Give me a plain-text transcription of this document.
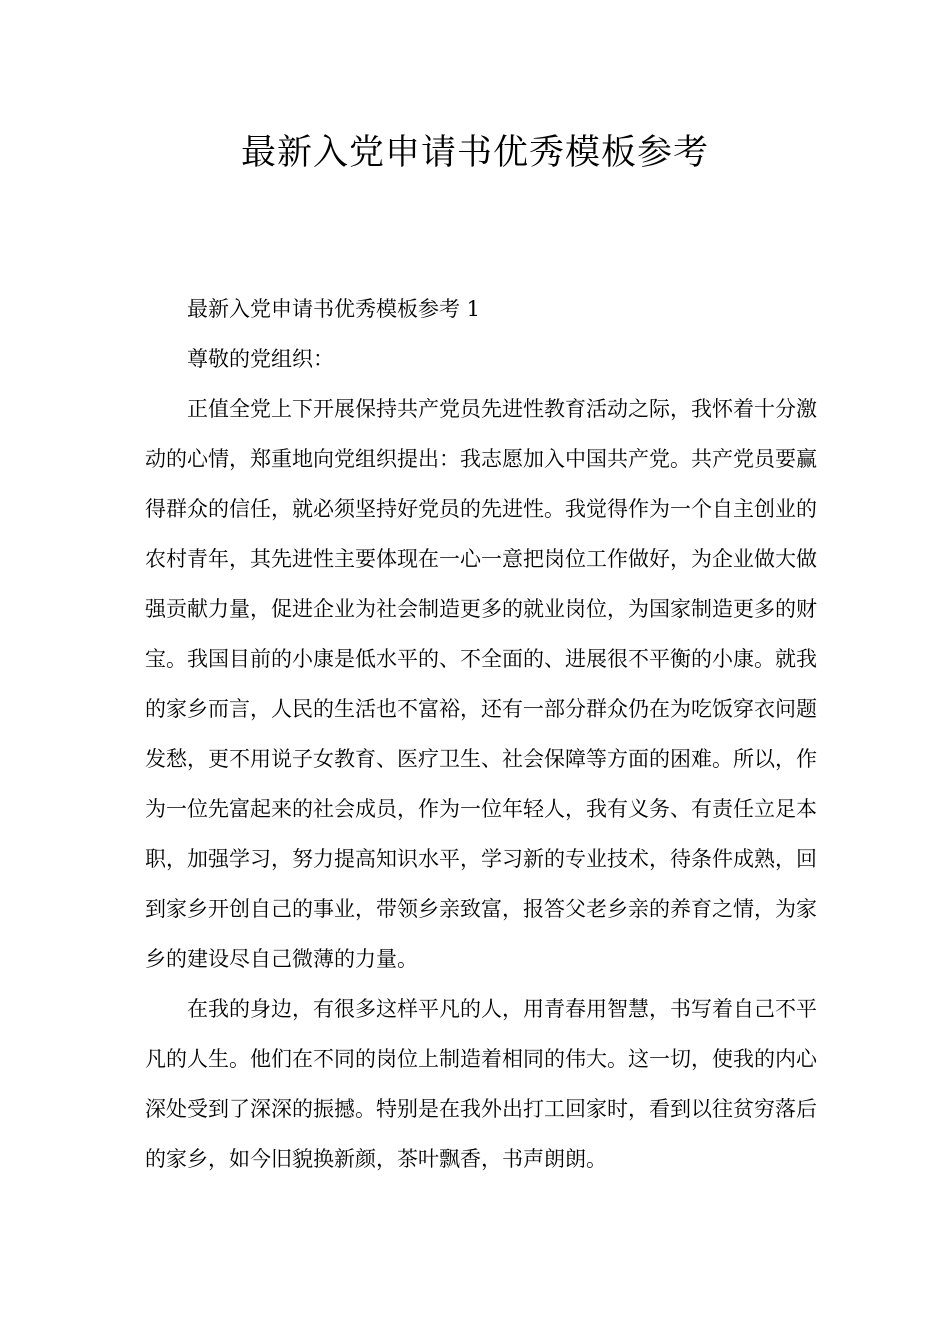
最新入党申请书优秀模板参考

最新入党申请书优秀模板参考 1

尊敬的党组织：

正值全党上下开展保持共产党员先进性教育活动之际，我怀着十分激动的心情，郑重地向党组织提出：我志愿加入中国共产党。共产党员要赢得群众的信任，就必须坚持好党员的先进性。我觉得作为一个自主创业的农村青年，其先进性主要体现在一心一意把岗位工作做好，为企业做大做强贡献力量，促进企业为社会制造更多的就业岗位，为国家制造更多的财宝。我国目前的小康是低水平的、不全面的、进展很不平衡的小康。就我的家乡而言，人民的生活也不富裕，还有一部分群众仍在为吃饭穿衣问题发愁，更不用说子女教育、医疗卫生、社会保障等方面的困难。所以，作为一位先富起来的社会成员，作为一位年轻人，我有义务、有责任立足本职，加强学习，努力提高知识水平，学习新的专业技术，待条件成熟，回到家乡开创自己的事业，带领乡亲致富，报答父老乡亲的养育之情，为家乡的建设尽自己微薄的力量。

在我的身边，有很多这样平凡的人，用青春用智慧，书写着自己不平凡的人生。他们在不同的岗位上制造着相同的伟大。这一切，使我的内心深处受到了深深的振撼。特别是在我外出打工回家时，看到以往贫穷落后的家乡，如今旧貌换新颜，茶叶飘香，书声朗朗。
